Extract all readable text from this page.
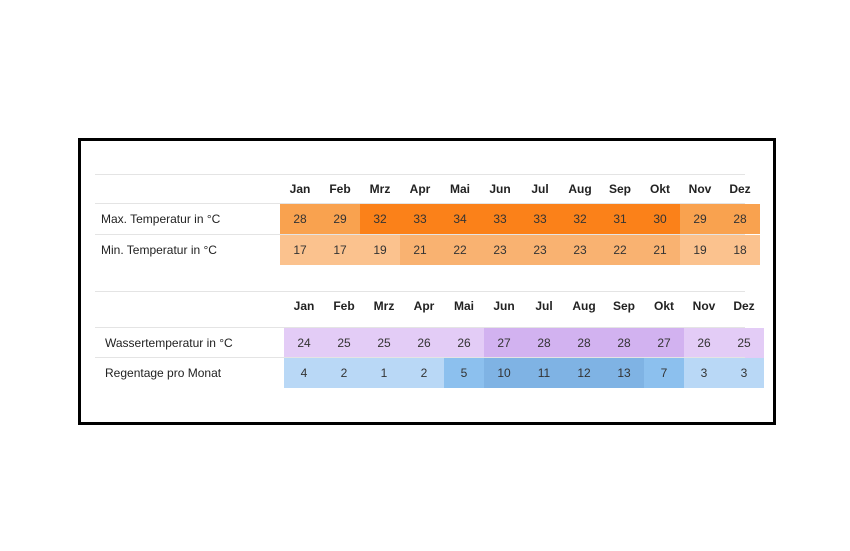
Jan	Feb	Mrz	Apr	Mai	Jun	Jul	Aug	Sep	Okt	Nov	Dez
Max. Temperatur in °C	28	29	32	33	34	33	33	32	31	30	29	28
Min. Temperatur in °C	17	17	19	21	22	23	23	23	22	21	19	18
Jan	Feb	Mrz	Apr	Mai	Jun	Jul	Aug	Sep	Okt	Nov	Dez
Wassertemperatur in °C	24	25	25	26	26	27	28	28	28	27	26	25
Regentage pro Monat	4	2	1	2	5	10	11	12	13	7	3	3
